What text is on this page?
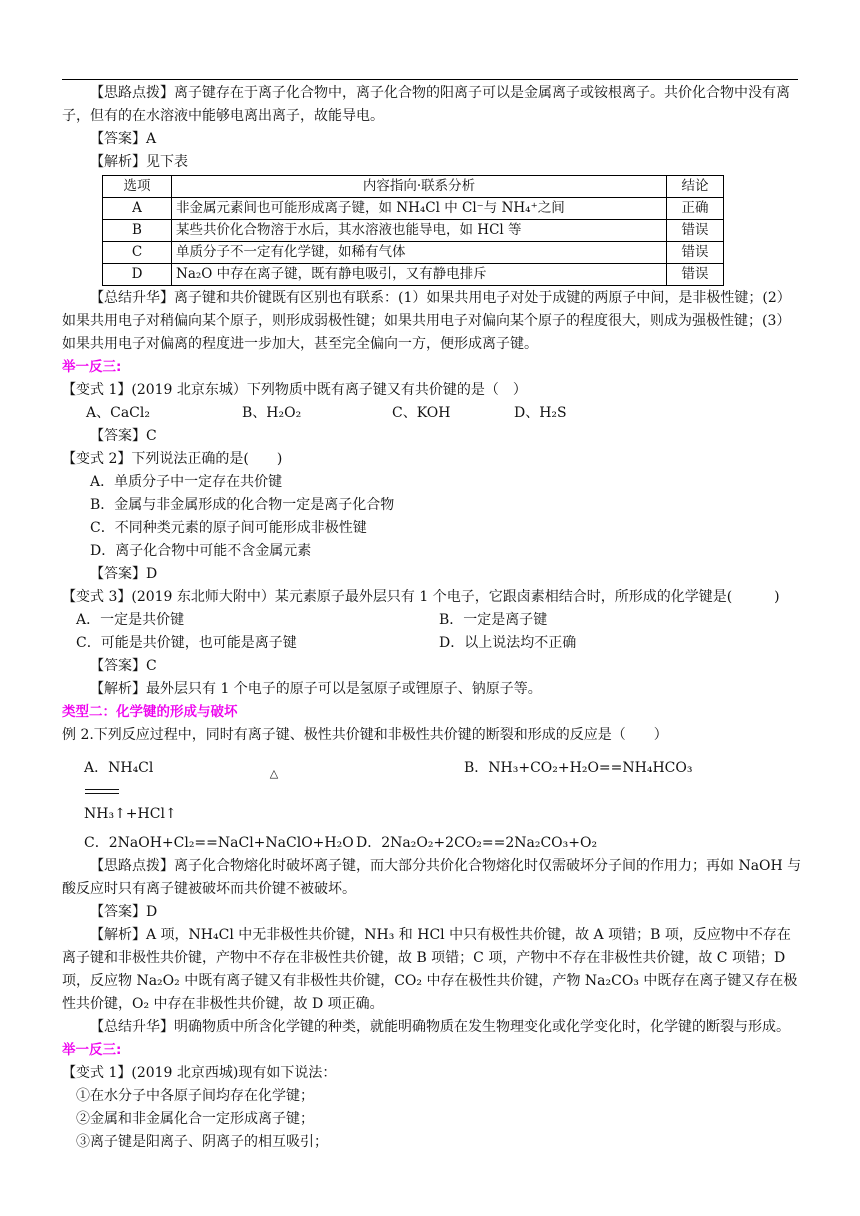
【思路点拨】离子键存在于离子化合物中，离子化合物的阳离子可以是金属离子或铵根离子。共价化合物中没有离子，但有的在水溶液中能够电离出离子，故能导电。

【答案】A

【解析】见下表

选项	内容指向·联系分析	结论
A	非金属元素间也可能形成离子键，如 NH₄Cl 中 Cl⁻与 NH₄⁺之间	正确
B	某些共价化合物溶于水后，其水溶液也能导电，如 HCl 等	错误
C	单质分子不一定有化学键，如稀有气体	错误
D	Na₂O 中存在离子键，既有静电吸引，又有静电排斥	错误

【总结升华】离子键和共价键既有区别也有联系：(1）如果共用电子对处于成键的两原子中间，是非极性键；(2）如果共用电子对稍偏向某个原子，则形成弱极性键；如果共用电子对偏向某个原子的程度很大，则成为强极性键；(3）如果共用电子对偏离的程度进一步加大，甚至完全偏向一方，便形成离子键。

举一反三:

【变式 1】(2019 北京东城）下列物质中既有离子键又有共价键的是（　）

A、CaCl₂	B、H₂O₂	C、KOH	D、H₂S

【答案】C

【变式 2】下列说法正确的是(　　)

A．单质分子中一定存在共价键

B．金属与非金属形成的化合物一定是离子化合物

C．不同种类元素的原子间可能形成非极性键

D．离子化合物中可能不含金属元素

【答案】D

【变式 3】(2019 东北师大附中）某元素原子最外层只有 1 个电子，它跟卤素相结合时，所形成的化学键是(　　　)

A．一定是共价键	B．一定是离子键
C．可能是共价键，也可能是离子键	D．以上说法均不正确

【答案】C

【解析】最外层只有 1 个电子的原子可以是氢原子或锂原子、钠原子等。

类型二：化学键的形成与破坏

例 2.下列反应过程中，同时有离子键、极性共价键和非极性共价键的断裂和形成的反应是（　　）

A．NH₄Cl	△
NH₃↑+HCl↑
B．NH₃+CO₂+H₂O==NH₄HCO₃
C．2NaOH+Cl₂==NaCl+NaClO+H₂O D．2Na₂O₂+2CO₂==2Na₂CO₃+O₂

【思路点拨】离子化合物熔化时破坏离子键，而大部分共价化合物熔化时仅需破坏分子间的作用力；再如 NaOH 与酸反应时只有离子键被破坏而共价键不被破坏。

【答案】D

【解析】A 项，NH₄Cl 中无非极性共价键，NH₃ 和 HCl 中只有极性共价键，故 A 项错；B 项，反应物中不存在离子键和非极性共价键，产物中不存在非极性共价键，故 B 项错；C 项，产物中不存在非极性共价键，故 C 项错；D 项，反应物 Na₂O₂ 中既有离子键又有非极性共价键，CO₂ 中存在极性共价键，产物 Na₂CO₃ 中既存在离子键又存在极性共价键，O₂ 中存在非极性共价键，故 D 项正确。

【总结升华】明确物质中所含化学键的种类，就能明确物质在发生物理变化或化学变化时，化学键的断裂与形成。

举一反三:

【变式 1】(2019 北京西城)现有如下说法：

①在水分子中各原子间均存在化学键；

②金属和非金属化合一定形成离子键；

③离子键是阳离子、阴离子的相互吸引；
